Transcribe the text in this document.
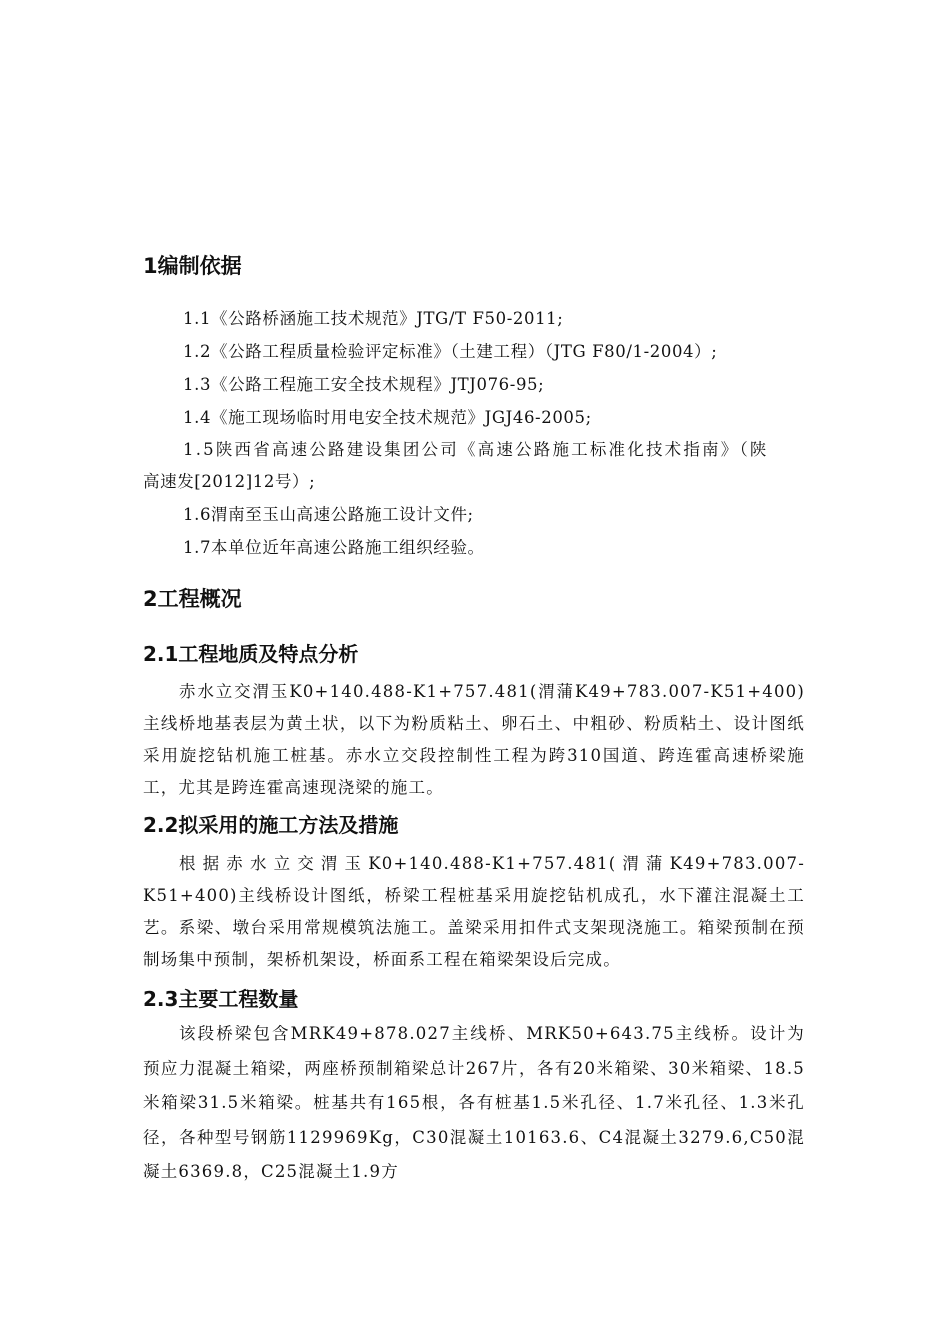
1编制依据
1.1《公路桥涵施工技术规范》JTG/T F50-2011;
1.2《公路工程质量检验评定标准》（土建工程）（JTG F80/1-2004）;
1.3《公路工程施工安全技术规程》JTJ076-95;
1.4《施工现场临时用电安全技术规范》JGJ46-2005;
1.5陕西省高速公路建设集团公司《高速公路施工标准化技术指南》（陕
高速发[2012]12号）;
1.6渭南至玉山高速公路施工设计文件;
1.7本单位近年高速公路施工组织经验。
2工程概况
2.1工程地质及特点分析

赤水立交渭玉K0+140.488-K1+757.481(渭蒲K49+783.007-K51+400)主线桥地基表层为黄土状，以下为粉质粘土、卵石土、中粗砂、粉质粘土、设计图纸采用旋挖钻机施工桩基。赤水立交段控制性工程为跨310国道、跨连霍高速桥梁施工，尤其是跨连霍高速现浇梁的施工。

2.2拟采用的施工方法及措施

根据赤水立交渭玉K0+140.488-K1+757.481(渭蒲K49+783.007-K51+400)主线桥设计图纸，桥梁工程桩基采用旋挖钻机成孔，水下灌注混凝土工艺。系梁、墩台采用常规模筑法施工。盖梁采用扣件式支架现浇施工。箱梁预制在预制场集中预制，架桥机架设，桥面系工程在箱梁架设后完成。

2.3主要工程数量

该段桥梁包含MRK49+878.027主线桥、MRK50+643.75主线桥。设计为预应力混凝土箱梁，两座桥预制箱梁总计267片，各有20米箱梁、30米箱梁、18.5米箱梁31.5米箱梁。桩基共有165根，各有桩基1.5米孔径、1.7米孔径、1.3米孔径，各种型号钢筋1129969Kg，C30混凝土10163.6、C4混凝土3279.6,C50混凝土6369.8，C25混凝土1.9方
